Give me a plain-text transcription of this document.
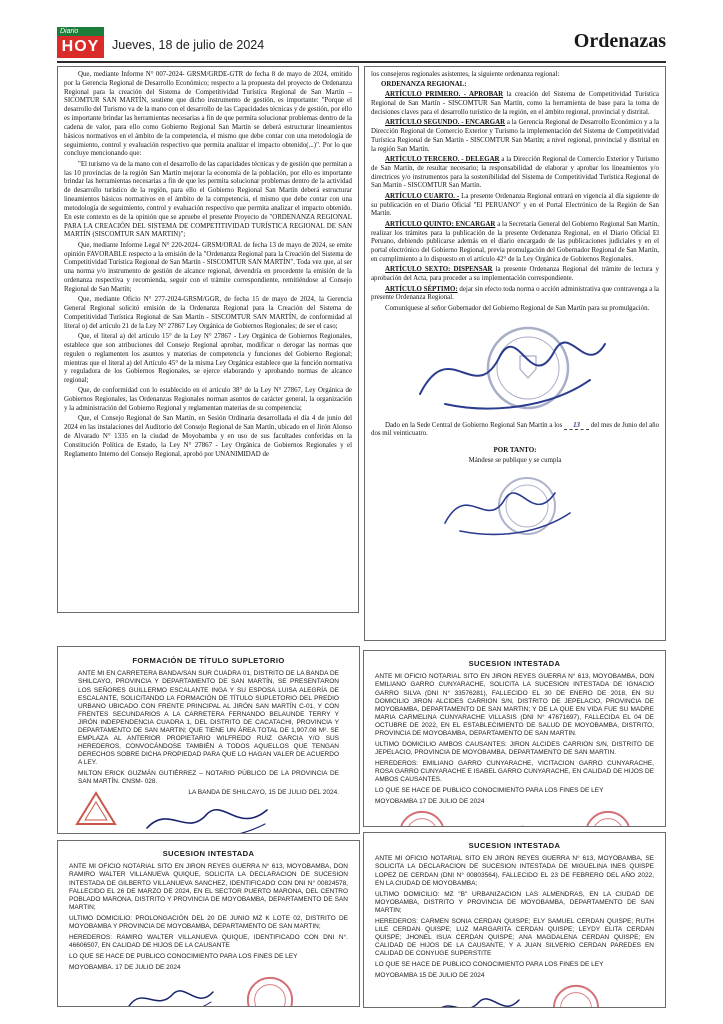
Diario
HOY	Jueves, 18 de julio de 2024	Ordenazas

Que, mediante Informe N° 007-2024- GRSM/GRDE-GTR de fecha 8 de mayo de 2024, emitido por la Gerencia Regional de Desarrollo Económico; respecto a la propuesta del proyecto de Ordenanza Regional para la creación del Sistema de Competitividad Turística Regional de San Martín – SICOMTUR SAN MARTÍN, sostiene que dicho instrumento de gestión, es importante: "Porque el desarrollo del Turismo va de la mano con el desarrollo de las Capacidades técnicas y de gestión, por ello es importante brindar las herramientas necesarias a fin de que permita solucionar problemas dentro de la cadena de valor, para ello como Gobierno Regional San Martín se deberá estructurar lineamientos básicos normativos en el ámbito de la competencia, el mismo que debe contar con una metodología de seguimiento, control y evaluación respectivo que permita analizar el impacto obtenido(...)". Por lo que concluye mencionando que:

"El turismo va de la mano con el desarrollo de las capacidades técnicas y de gestión que permitan a las 10 provincias de la región San Martín mejorar la economía de la población, por ello es importante brindar las herramientas necesarias a fin de que les permita solucionar problemas dentro de la actividad de desarrollo turístico de la región, para ello el Gobierno Regional San Martín deberá estructurar lineamientos básicos normativos en el ámbito de la competencia, el mismo que debe contar con una metodología de seguimiento, control y evaluación respectivo que permita analizar el impacto obtenido. En este contexto es de la opinión que se apruebe el presente Proyecto de "ORDENANZA REGIONAL PARA LA CREACIÓN DEL SISTEMA DE COMPETITIVIDAD TURÍSTICA REGIONAL DE SAN MARTÍN (SISCOMTUR SAN MARTIN)";

Que, mediante Informe Legal N° 220-2024- GRSM/ORAL de fecha 13 de mayo de 2024, se emite opinión FAVORABLE respecto a la emisión de la "Ordenanza Regional para la Creación del Sistema de Competitividad Turística Regional de San Martín - SISCOMTUR SAN MARTÍN". Toda vez que, al ser una norma y/o instrumento de gestión de alcance regional, devendría en procedente la emisión de la ordenanza respectiva y recomienda, seguir con el trámite correspondiente, remitiéndose al Consejo Regional de San Martín;

Que, mediante Oficio N° 277-2024-GRSM/GGR, de fecha 15 de mayo de 2024, la Gerencia General Regional solicitó emisión de la Ordenanza Regional para la Creación del Sistema de Competitividad Turística Regional de San Martín - SISCOMTUR SAN MARTÍN, de conformidad al literal o) del artículo 21 de la Ley N° 27867 Ley Orgánica de Gobiernos Regionales; de ser el caso;

Que, el literal a) del artículo 15° de la Ley N° 27867 - Ley Orgánica de Gobiernos Regionales, establece que son atribuciones del Consejo Regional aprobar, modificar o derogar las normas que regulen o reglamenten los asuntos y materias de competencia y funciones del Gobierno Regional; mientras que el literal a) del Artículo 45° de la misma Ley Orgánica establece que la función normativa y reguladora de los Gobiernos Regionales, se ejerce elaborando y aprobando normas de alcance regional;

Que, de conformidad con lo establecido en el artículo 38° de la Ley N° 27867, Ley Orgánica de Gobiernos Regionales, las Ordenanzas Regionales norman asuntos de carácter general, la organización y la administración del Gobierno Regional y reglamentan materias de su competencia;

Que, el Consejo Regional de San Martín, en Sesión Ordinaria desarrollada el día 4 de junio del 2024 en las instalaciones del Auditorio del Consejo Regional de San Martín, ubicado en el Jirón Alonso de Alvarado N° 1335 en la ciudad de Moyobamba y en uso de sus facultades conferidas en la Constitución Política de Estado, la Ley N° 27867 - Ley Orgánica de Gobiernos Regionales y el Reglamento Interno del Consejo Regional, aprobó por UNANIMIDAD de

los consejeros regionales asistentes, la siguiente ordenanza regional:

ORDENANZA REGIONAL:

ARTÍCULO PRIMERO. - APROBAR la creación del Sistema de Competitividad Turística Regional de San Martín - SISCOMTUR San Martín, como la herramienta de base para la toma de decisiones claves para el desarrollo turístico de la región, en el ámbito regional, provincial y distrital.

ARTÍCULO SEGUNDO. - ENCARGAR a la Gerencia Regional de Desarrollo Económico y a la Dirección Regional de Comercio Exterior y Turismo la implementación del Sistema de Competitividad Turística Regional de San Martín - SISCOMTUR San Martín; a nivel regional, provincial y distrital en la región San Martín.

ARTÍCULO TERCERO. - DELEGAR a la Dirección Regional de Comercio Exterior y Turismo de San Martín, de resultar necesario; la responsabilidad de elaborar y aprobar los lineamientos y/o directrices y/o instrumentos para la sostenibilidad del Sistema de Competitividad Turística Regional de San Martín - SISCOMTUR San Martín.

ARTÍCULO CUARTO. - La presente Ordenanza Regional entrará en vigencia al día siguiente de su publicación en el Diario Oficial "El PERUANO" y en el Portal Electrónico de la Región de San Martín.

ARTÍCULO QUINTO: ENCARGAR a la Secretaría General del Gobierno Regional San Martín, realizar los trámites para la publicación de la presente Ordenanza Regional, en el Diario Oficial El Peruano, debiendo publicarse además en el diario encargado de las publicaciones judiciales y en el portal electrónico del Gobierno Regional, previa promulgación del Gobernador Regional de San Martín, en cumplimiento a lo dispuesto en el artículo 42° de la Ley Orgánica de Gobiernos Regionales.

ARTÍCULO SEXTO: DISPENSAR la presente Ordenanza Regional del trámite de lectura y aprobación del Acta, para proceder a su implementación correspondiente.

ARTÍCULO SÉPTIMO: dejar sin efecto toda norma o acción administrativa que contravenga a la presente Ordenanza Regional.

Comuníquese al señor Gobernador del Gobierno Regional de San Martín para su promulgación.

Dado en la Sede Central de Gobierno Regional San Martín a los 13 del mes de Junio del año dos mil veinticuatro.

POR TANTO:

Mándese se publique y se cumpla

FORMACIÓN DE TÍTULO SUPLETORIO

ANTE MI EN CARRETERA BANDA/SAN SUR CUADRA 01, DISTRITO DE LA BANDA DE SHILCAYO, PROVINCIA Y DEPARTAMENTO DE SAN MARTÍN, SE PRESENTARON LOS SEÑORES GUILLERMO ESCALANTE INGA Y SU ESPOSA LUISA ALEGRÍA DE ESCALANTE, SOLICITANDO LA FORMACIÓN DE TÍTULO SUPLETORIO DEL PREDIO URBANO UBICADO CON FRENTE PRINCIPAL AL JIRÓN SAN MARTÍN C-01, Y CON FRENTES SECUNDARIOS A LA CARRETERA FERNANDO BELAUNDE TERRY Y JIRÓN INDEPENDENCIA CUADRA 1, DEL DISTRITO DE CACATACHI, PROVINCIA Y DEPARTAMENTO DE SAN MARTIN; QUE TIENE UN ÁREA TOTAL DE 1,907.08 M². SE EMPLAZA AL ANTERIOR PROPIETARIO WILFREDO RUIZ GARCIA Y/O SUS HEREDEROS, CONVOCÁNDOSE TAMBIÉN A TODOS AQUELLOS QUE TENGAN DERECHOS SOBRE DICHA PROPIEDAD PARA QUE LO HAGAN VALER DE ACUERDO A LEY.

MILTON ERICK GUZMÁN GUTIÉRREZ – NOTARIO PÚBLICO DE LA PROVINCIA DE SAN MARTÍN. CNSM- 028.

LA BANDA DE SHILCAYO, 15 DE JULIO DEL 2024.

SUCESION INTESTADA

ANTE MI OFICIO NOTARIAL SITO EN JIRON REYES GUERRA N° 613, MOYOBAMBA, DON EMILIANO GARRO CUNYARACHE, SOLICITA LA SUCESION INTESTADA DE IGNACIO GARRO SILVA (DNI N° 33576281), FALLECIDO EL 30 DE ENERO DE 2018, EN SU DOMICILIO JIRON ALCIDES CARRION S/N, DISTRITO DE JEPELACIO, PROVINCIA DE MOYOBAMBA, DEPARTAMENTO DE SAN MARTIN; Y DE LA QUE EN VIDA FUE SU MADRE MARIA CARMELINA CUNYARACHE VILLASIS (DNI N° 47671697), FALLECIDA EL 04 DE OCTUBRE DE 2022, EN EL ESTABLECIMIENTO DE SALUD DE MOYOBAMBA, DISTRITO, PROVINCIA DE MOYOBAMBA, DEPARTAMENTO DE SAN MARTIN.

ULTIMO DOMICILIO AMBOS CAUSANTES: JIRON ALCIDES CARRION S/N, DISTRITO DE JEPELACIO, PROVINCIA DE MOYOBAMBA, DEPARTAMENTO DE SAN MARTIN.

HEREDEROS: EMILIANO GARRO CUNYARACHE, VICITACION GARRO CUNYARACHE, ROSA GARRO CUNYARACHE E ISABEL GARRO CUNYARACHE, EN CALIDAD DE HIJOS DE AMBOS CAUSANTES.

LO QUE SE HACE DE PUBLICO CONOCIMIENTO PARA LOS FINES DE LEY

MOYOBAMBA 17 DE JULIO DE 2024

SUCESION INTESTADA

ANTE MI OFICIO NOTARIAL SITO EN JIRON REYES GUERRA N° 613, MOYOBAMBA, DON RAMIRO WALTER VILLANUEVA QUIQUE, SOLICITA LA DECLARACION DE SUCESION INTESTADA DE GILBERTO VILLANUEVA SANCHEZ, IDENTIFICADO CON DNI N° 00824578, FALLECIDO EL 26 DE MARZO DE 2024, EN EL SECTOR PUERTO MARONA, DEL CENTRO POBLADO MARONA, DISTRITO Y PROVINCIA DE MOYOBAMBA, DEPARTAMENTO DE SAN MARTIN;

ULTIMO DOMICILIO: PROLONGACIÓN DEL 20 DE JUNIO MZ K LOTE 02, DISTRITO DE MOYOBAMBA Y PROVINCIA DE MOYOBAMBA, DEPARTAMENTO DE SAN MARTIN;

HEREDEROS: RAMIRO WALTER VILLANUEVA QUIQUE, IDENTIFICADO CON DNI N°. 46606507, EN CALIDAD DE HIJOS DE LA CAUSANTE

LO QUE SE HACE DE PUBLICO CONOCIMIENTO PARA LOS FINES DE LEY

MOYOBAMBA. 17 DE JULIO DE 2024

SUCESION INTESTADA

ANTE MI OFICIO NOTARIAL SITO EN JIRON REYES GUERRA N° 613, MOYOBAMBA, SE SOLICITA LA DECLARACION DE SUCESION INTESTADA DE MIGUELINA INES QUISPE LOPEZ DE CERDAN (DNI N° 00803564), FALLECIDO EL 23 DE FEBRERO DEL AÑO 2022, EN LA CIUDAD DE MOYOBAMBA;

ULTIMO DOMICILIO: MZ "B" URBANIZACION LAS ALMENDRAS, EN LA CIUDAD DE MOYOBAMBA, DISTRITO Y PROVINCIA DE MOYOBAMBA, DEPARTAMENTO DE SAN MARTIN;

HEREDEROS: CARMEN SONIA CERDAN QUISPE; ELY SAMUEL CERDAN QUISPE; RUTH LILE CERDAN QUISPE; LUZ MARGARITA CERDAN QUISPE; LEYDY ELITA CERDAN QUISPE; JHONEL ISUA CERDAN QUISPE; ANA MAGDALENA CERDAN QUISPE; EN CALIDAD DE HIJOS DE LA CAUSANTE, Y A JUAN SILVERIO CERDAN PAREDES EN CALIDAD DE CONYUGE SUPERSTITE

LO QUE SE HACE DE PUBLICO CONOCIMIENTO PARA LOS FINES DE LEY

MOYOBAMBA 15 DE JULIO DE 2024
